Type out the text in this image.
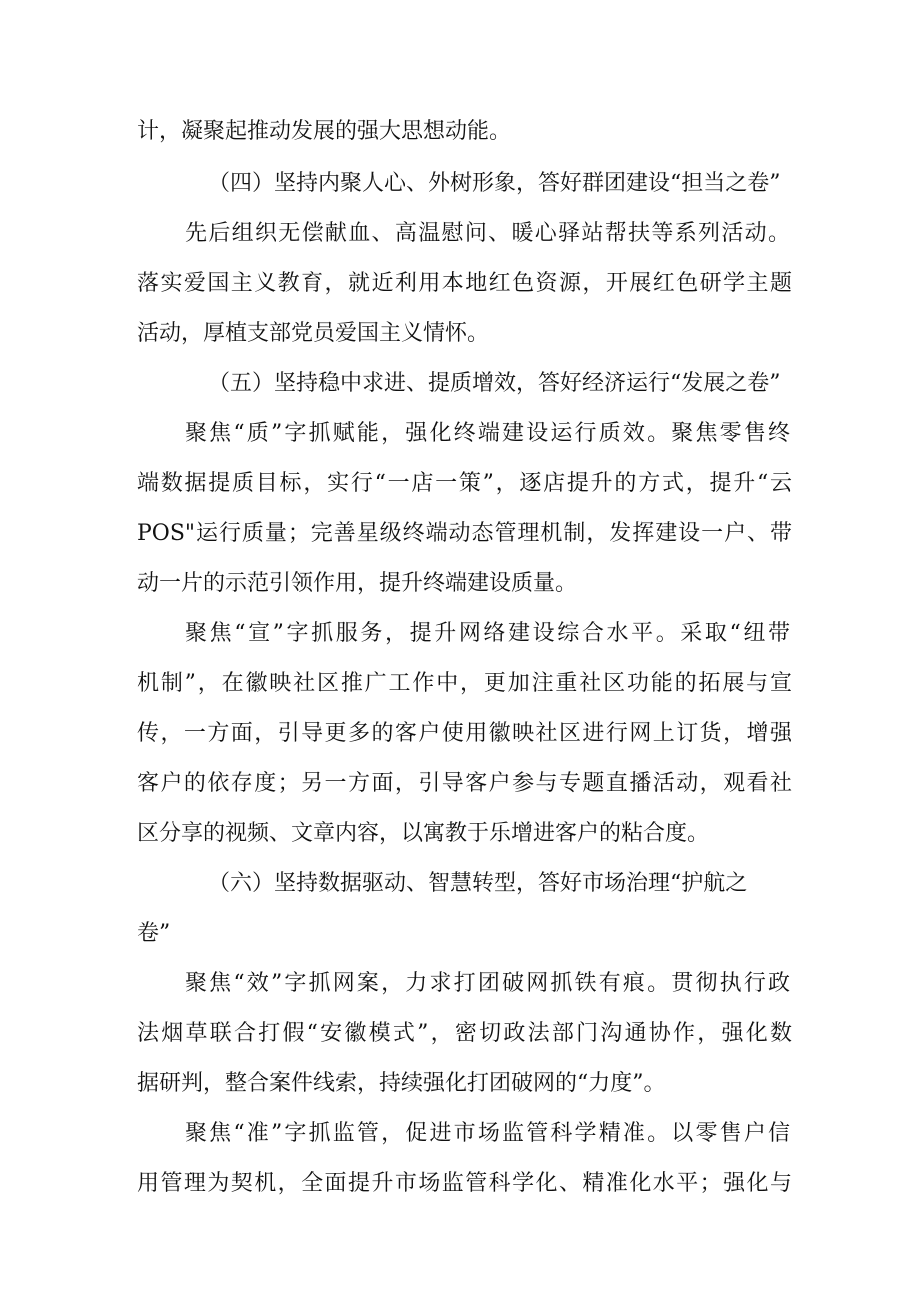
计，凝聚起推动发展的强大思想动能。
（四）坚持内聚人心、外树形象，答好群团建设“担当之卷”
先后组织无偿献血、高温慰问、暖心驿站帮扶等系列活动。
落实爱国主义教育，就近利用本地红色资源，开展红色研学主题
活动，厚植支部党员爱国主义情怀。
（五）坚持稳中求进、提质增效，答好经济运行“发展之卷”
聚焦“质”字抓赋能，强化终端建设运行质效。聚焦零售终
端数据提质目标，实行“一店一策”，逐店提升的方式，提升“云
POS"运行质量；完善星级终端动态管理机制，发挥建设一户、带
动一片的示范引领作用，提升终端建设质量。
聚焦“宣”字抓服务，提升网络建设综合水平。采取“纽带
机制”，在徽映社区推广工作中，更加注重社区功能的拓展与宣
传，一方面，引导更多的客户使用徽映社区进行网上订货，增强
客户的依存度；另一方面，引导客户参与专题直播活动，观看社
区分享的视频、文章内容，以寓教于乐增进客户的粘合度。
（六）坚持数据驱动、智慧转型，答好市场治理“护航之
卷”
聚焦“效”字抓网案，力求打团破网抓铁有痕。贯彻执行政
法烟草联合打假“安徽模式”，密切政法部门沟通协作，强化数
据研判，整合案件线索，持续强化打团破网的“力度”。
聚焦“准”字抓监管，促进市场监管科学精准。以零售户信
用管理为契机，全面提升市场监管科学化、精准化水平；强化与
